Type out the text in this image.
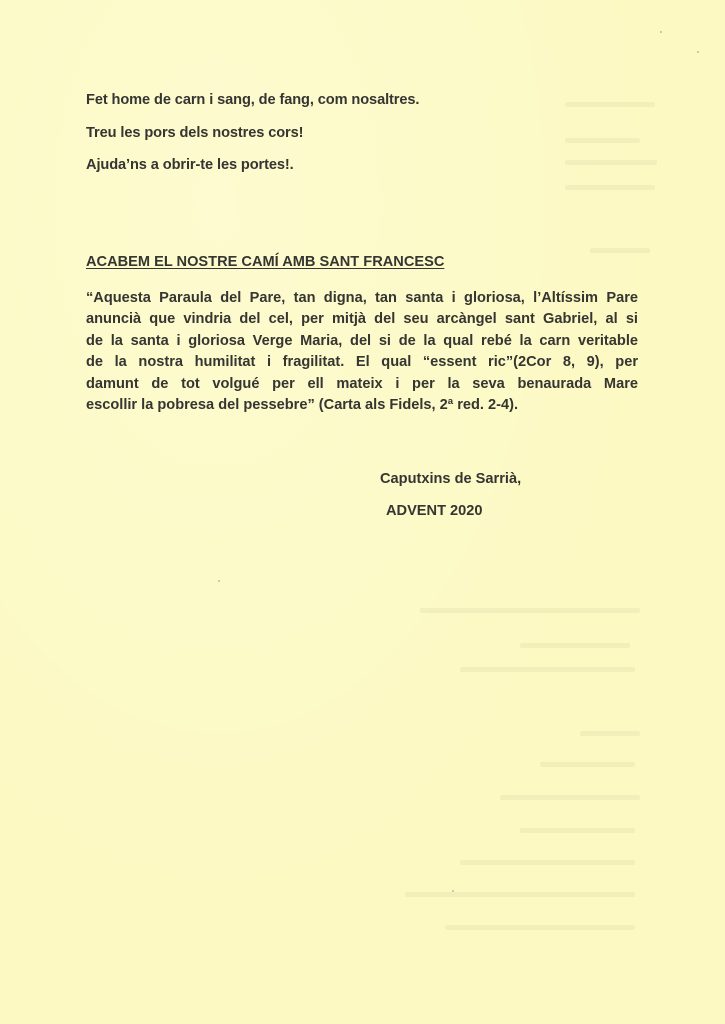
Fet home de carn i sang, de fang, com nosaltres.
Treu les pors dels nostres cors!
Ajuda’ns a obrir-te les portes!.
ACABEM EL NOSTRE CAMÍ AMB SANT FRANCESC
“Aquesta Paraula del Pare, tan digna, tan santa i gloriosa, l’Altíssim Pare
anuncià que vindria del cel, per mitjà del seu arcàngel sant Gabriel, al si
de la santa i gloriosa Verge Maria, del si de la qual rebé la carn veritable
de la nostra humilitat i fragilitat. El qual “essent ric”(2Cor 8, 9), per
damunt de tot volgué per ell mateix i per la seva benaurada Mare
escollir la pobresa del pessebre” (Carta als Fidels, 2ª red. 2-4).
Caputxins de Sarrià,
ADVENT 2020
